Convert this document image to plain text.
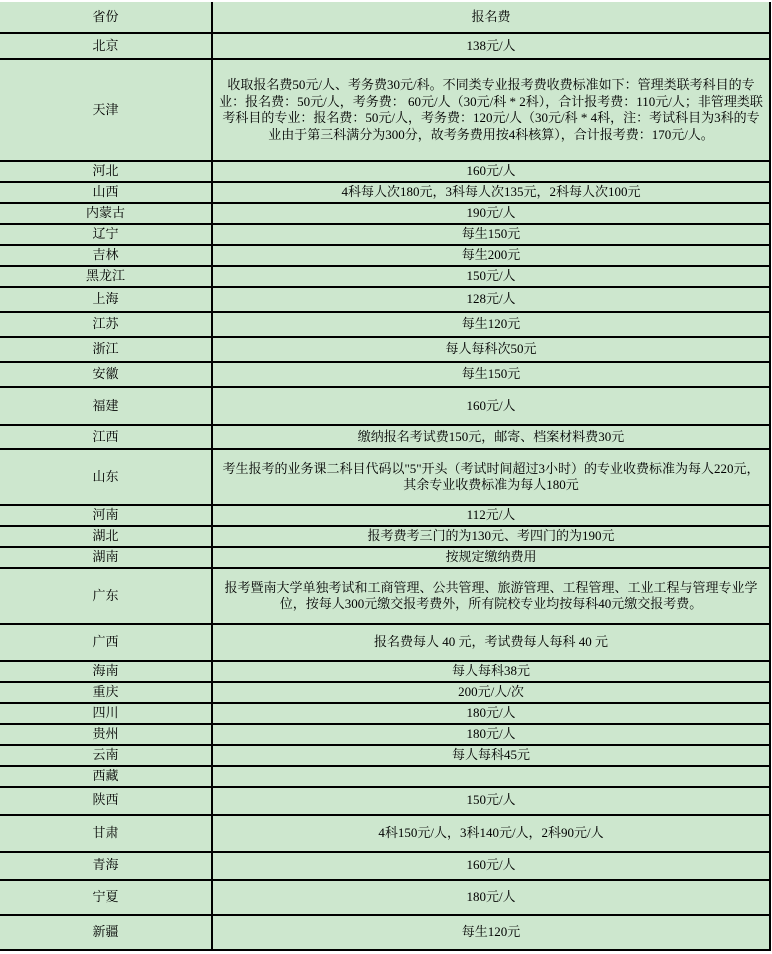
省份	报名费
北京	138元/人
天津	收取报名费50元/人、考务费30元/科。不同类专业报考费收费标准如下：管理类联考科目的专业：报名费：50元/人，考务费： 60元/人（30元/科 * 2科），合计报考费：110元/人；非管理类联考科目的专业：报名费：50元/人，考务费：120元/人（30元/科 * 4科，注：考试科目为3科的专业由于第三科满分为300分，故考务费用按4科核算），合计报考费：170元/人。
河北	160元/人
山西	4科每人次180元，3科每人次135元，2科每人次100元
内蒙古	190元/人
辽宁	每生150元
吉林	每生200元
黑龙江	150元/人
上海	128元/人
江苏	每生120元
浙江	每人每科次50元
安徽	每生150元
福建	160元/人
江西	缴纳报名考试费150元，邮寄、档案材料费30元
山东	考生报考的业务课二科目代码以"5"开头（考试时间超过3小时）的专业收费标准为每人220元，其余专业收费标准为每人180元
河南	112元/人
湖北	报考费考三门的为130元、考四门的为190元
湖南	按规定缴纳费用
广东	报考暨南大学单独考试和工商管理、公共管理、旅游管理、工程管理、工业工程与管理专业学位，按每人300元缴交报考费外，所有院校专业均按每科40元缴交报考费。
广西	报名费每人 40 元，考试费每人每科 40 元
海南	每人每科38元
重庆	200元/人/次
四川	180元/人
贵州	180元/人
云南	每人每科45元
西藏	
陕西	150元/人
甘肃	4科150元/人，3科140元/人，2科90元/人
青海	160元/人
宁夏	180元/人
新疆	每生120元
